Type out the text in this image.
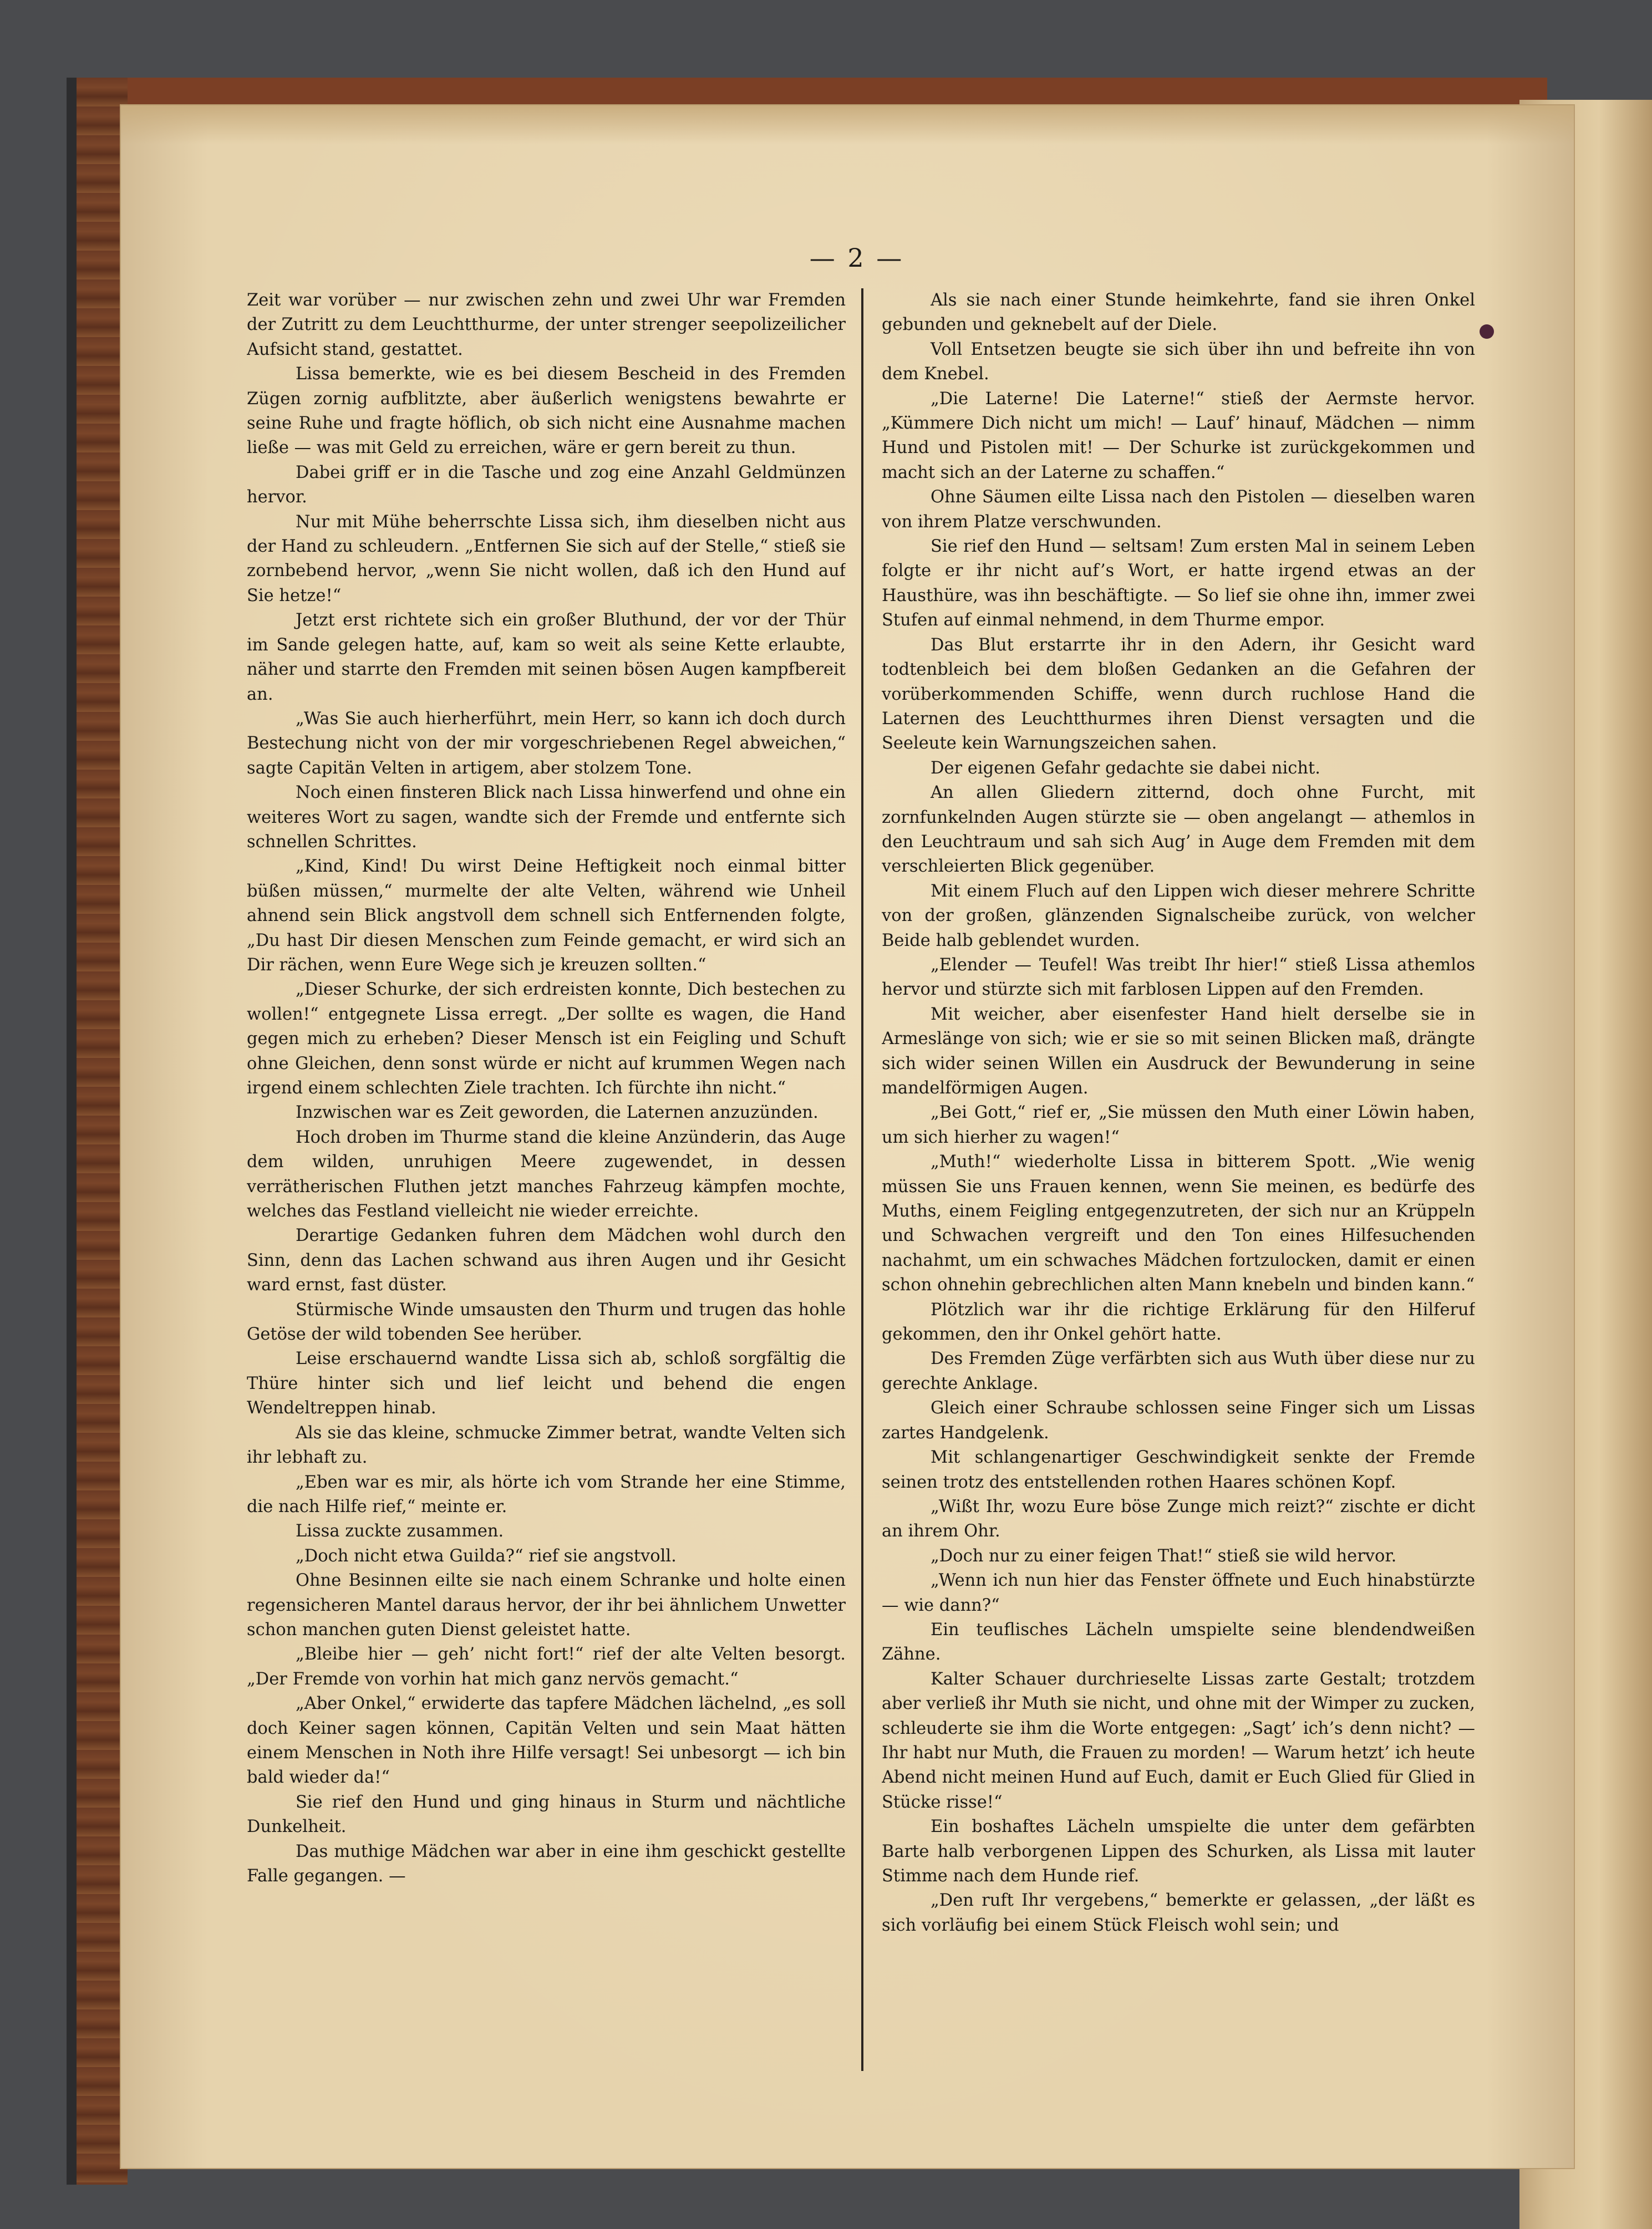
— 2 —

Zeit war vorüber — nur zwischen zehn und zwei Uhr war Fremden der Zutritt zu dem Leuchtthurme, der unter strenger seepolizeilicher Aufsicht stand, gestattet.

Lissa bemerkte, wie es bei diesem Bescheid in des Fremden Zügen zornig aufblitzte, aber äußerlich wenigstens bewahrte er seine Ruhe und fragte höflich, ob sich nicht eine Ausnahme machen ließe — was mit Geld zu erreichen, wäre er gern bereit zu thun.

Dabei griff er in die Tasche und zog eine Anzahl Geldmünzen hervor.

Nur mit Mühe beherrschte Lissa sich, ihm dieselben nicht aus der Hand zu schleudern. „Entfernen Sie sich auf der Stelle,“ stieß sie zornbebend hervor, „wenn Sie nicht wollen, daß ich den Hund auf Sie hetze!“

Jetzt erst richtete sich ein großer Bluthund, der vor der Thür im Sande gelegen hatte, auf, kam so weit als seine Kette erlaubte, näher und starrte den Fremden mit seinen bösen Augen kampfbereit an.

„Was Sie auch hierherführt, mein Herr, so kann ich doch durch Bestechung nicht von der mir vorgeschriebenen Regel abweichen,“ sagte Capitän Velten in artigem, aber stolzem Tone.

Noch einen finsteren Blick nach Lissa hinwerfend und ohne ein weiteres Wort zu sagen, wandte sich der Fremde und entfernte sich schnellen Schrittes.

„Kind, Kind! Du wirst Deine Heftigkeit noch einmal bitter büßen müssen,“ murmelte der alte Velten, während wie Unheil ahnend sein Blick angstvoll dem schnell sich Entfernenden folgte, „Du hast Dir diesen Menschen zum Feinde gemacht, er wird sich an Dir rächen, wenn Eure Wege sich je kreuzen sollten.“

„Dieser Schurke, der sich erdreisten konnte, Dich bestechen zu wollen!“ entgegnete Lissa erregt. „Der sollte es wagen, die Hand gegen mich zu erheben? Dieser Mensch ist ein Feigling und Schuft ohne Gleichen, denn sonst würde er nicht auf krummen Wegen nach irgend einem schlechten Ziele trachten. Ich fürchte ihn nicht.“

Inzwischen war es Zeit geworden, die Laternen anzuzünden.

Hoch droben im Thurme stand die kleine Anzünderin, das Auge dem wilden, unruhigen Meere zugewendet, in dessen verrätherischen Fluthen jetzt manches Fahrzeug kämpfen mochte, welches das Festland vielleicht nie wieder erreichte.

Derartige Gedanken fuhren dem Mädchen wohl durch den Sinn, denn das Lachen schwand aus ihren Augen und ihr Gesicht ward ernst, fast düster.

Stürmische Winde umsausten den Thurm und trugen das hohle Getöse der wild tobenden See herüber.

Leise erschauernd wandte Lissa sich ab, schloß sorgfältig die Thüre hinter sich und lief leicht und behend die engen Wendeltreppen hinab.

Als sie das kleine, schmucke Zimmer betrat, wandte Velten sich ihr lebhaft zu.

„Eben war es mir, als hörte ich vom Strande her eine Stimme, die nach Hilfe rief,“ meinte er.

Lissa zuckte zusammen.

„Doch nicht etwa Guilda?“ rief sie angstvoll.

Ohne Besinnen eilte sie nach einem Schranke und holte einen regensicheren Mantel daraus hervor, der ihr bei ähnlichem Unwetter schon manchen guten Dienst geleistet hatte.

„Bleibe hier — geh’ nicht fort!“ rief der alte Velten besorgt. „Der Fremde von vorhin hat mich ganz nervös gemacht.“

„Aber Onkel,“ erwiderte das tapfere Mädchen lächelnd, „es soll doch Keiner sagen können, Capitän Velten und sein Maat hätten einem Menschen in Noth ihre Hilfe versagt! Sei unbesorgt — ich bin bald wieder da!“

Sie rief den Hund und ging hinaus in Sturm und nächtliche Dunkelheit.

Das muthige Mädchen war aber in eine ihm geschickt gestellte Falle gegangen. —

Als sie nach einer Stunde heimkehrte, fand sie ihren Onkel gebunden und geknebelt auf der Diele.

Voll Entsetzen beugte sie sich über ihn und befreite ihn von dem Knebel.

„Die Laterne! Die Laterne!“ stieß der Aermste hervor. „Kümmere Dich nicht um mich! — Lauf’ hinauf, Mädchen — nimm Hund und Pistolen mit! — Der Schurke ist zurückgekommen und macht sich an der Laterne zu schaffen.“

Ohne Säumen eilte Lissa nach den Pistolen — dieselben waren von ihrem Platze verschwunden.

Sie rief den Hund — seltsam! Zum ersten Mal in seinem Leben folgte er ihr nicht auf’s Wort, er hatte irgend etwas an der Hausthüre, was ihn beschäftigte. — So lief sie ohne ihn, immer zwei Stufen auf einmal nehmend, in dem Thurme empor.

Das Blut erstarrte ihr in den Adern, ihr Gesicht ward todtenbleich bei dem bloßen Gedanken an die Gefahren der vorüberkommenden Schiffe, wenn durch ruchlose Hand die Laternen des Leuchtthurmes ihren Dienst versagten und die Seeleute kein Warnungszeichen sahen.

Der eigenen Gefahr gedachte sie dabei nicht.

An allen Gliedern zitternd, doch ohne Furcht, mit zornfunkelnden Augen stürzte sie — oben angelangt — athemlos in den Leuchtraum und sah sich Aug’ in Auge dem Fremden mit dem verschleierten Blick gegenüber.

Mit einem Fluch auf den Lippen wich dieser mehrere Schritte von der großen, glänzenden Signalscheibe zurück, von welcher Beide halb geblendet wurden.

„Elender — Teufel! Was treibt Ihr hier!“ stieß Lissa athemlos hervor und stürzte sich mit farblosen Lippen auf den Fremden.

Mit weicher, aber eisenfester Hand hielt derselbe sie in Armeslänge von sich; wie er sie so mit seinen Blicken maß, drängte sich wider seinen Willen ein Ausdruck der Bewunderung in seine mandelförmigen Augen.

„Bei Gott,“ rief er, „Sie müssen den Muth einer Löwin haben, um sich hierher zu wagen!“

„Muth!“ wiederholte Lissa in bitterem Spott. „Wie wenig müssen Sie uns Frauen kennen, wenn Sie meinen, es bedürfe des Muths, einem Feigling entgegenzutreten, der sich nur an Krüppeln und Schwachen vergreift und den Ton eines Hilfesuchenden nachahmt, um ein schwaches Mädchen fortzulocken, damit er einen schon ohnehin gebrechlichen alten Mann knebeln und binden kann.“

Plötzlich war ihr die richtige Erklärung für den Hilferuf gekommen, den ihr Onkel gehört hatte.

Des Fremden Züge verfärbten sich aus Wuth über diese nur zu gerechte Anklage.

Gleich einer Schraube schlossen seine Finger sich um Lissas zartes Handgelenk.

Mit schlangenartiger Geschwindigkeit senkte der Fremde seinen trotz des entstellenden rothen Haares schönen Kopf.

„Wißt Ihr, wozu Eure böse Zunge mich reizt?“ zischte er dicht an ihrem Ohr.

„Doch nur zu einer feigen That!“ stieß sie wild hervor.

„Wenn ich nun hier das Fenster öffnete und Euch hinabstürzte — wie dann?“

Ein teuflisches Lächeln umspielte seine blendendweißen Zähne.

Kalter Schauer durchrieselte Lissas zarte Gestalt; trotzdem aber verließ ihr Muth sie nicht, und ohne mit der Wimper zu zucken, schleuderte sie ihm die Worte entgegen: „Sagt’ ich’s denn nicht? — Ihr habt nur Muth, die Frauen zu morden! — Warum hetzt’ ich heute Abend nicht meinen Hund auf Euch, damit er Euch Glied für Glied in Stücke risse!“

Ein boshaftes Lächeln umspielte die unter dem gefärbten Barte halb verborgenen Lippen des Schurken, als Lissa mit lauter Stimme nach dem Hunde rief.

„Den ruft Ihr vergebens,“ bemerkte er gelassen, „der läßt es sich vorläufig bei einem Stück Fleisch wohl sein; und
